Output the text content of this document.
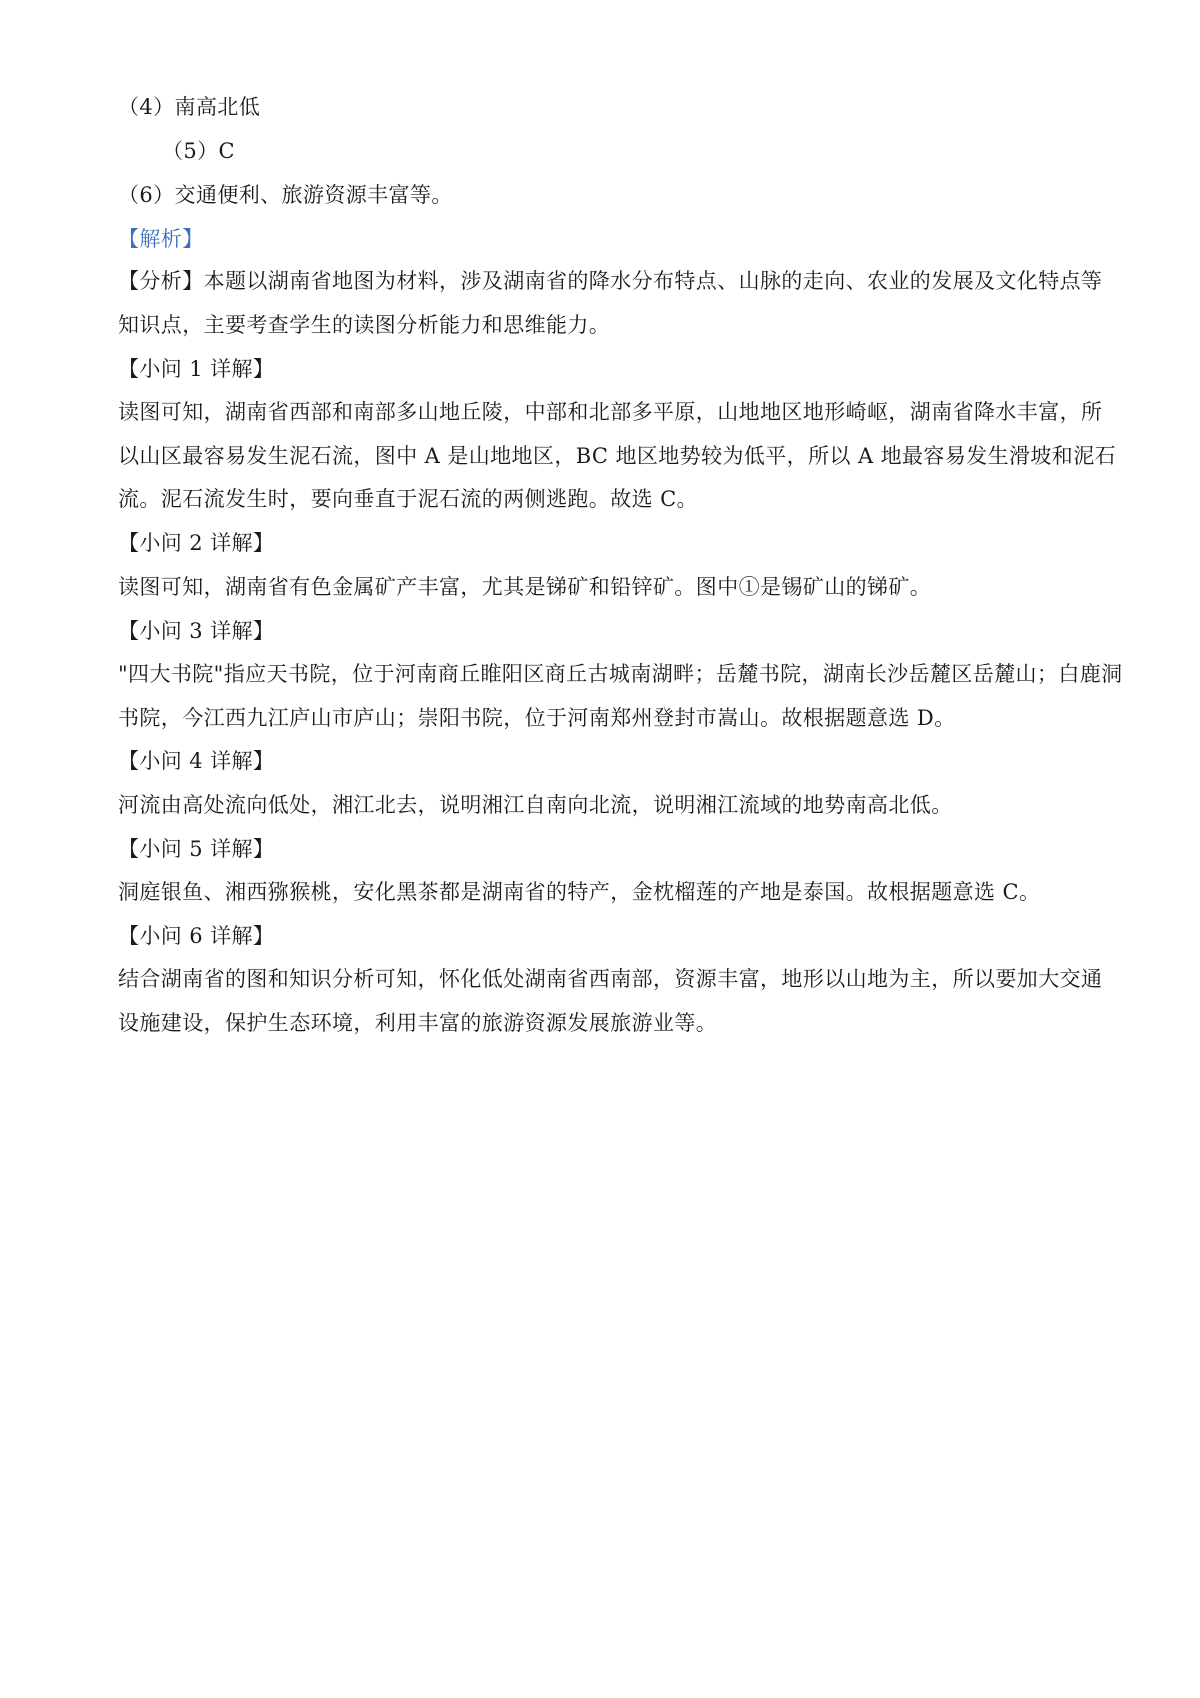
（4）南高北低
（5）C
（6）交通便利、旅游资源丰富等。
【解析】
【分析】本题以湖南省地图为材料，涉及湖南省的降水分布特点、山脉的走向、农业的发展及文化特点等
知识点，主要考查学生的读图分析能力和思维能力。
【小问 1 详解】
读图可知，湖南省西部和南部多山地丘陵，中部和北部多平原，山地地区地形崎岖，湖南省降水丰富，所
以山区最容易发生泥石流，图中 A 是山地地区，BC 地区地势较为低平，所以 A 地最容易发生滑坡和泥石
流。泥石流发生时，要向垂直于泥石流的两侧逃跑。故选 C。
【小问 2 详解】
读图可知，湖南省有色金属矿产丰富，尤其是锑矿和铅锌矿。图中①是锡矿山的锑矿。
【小问 3 详解】
"四大书院"指应天书院，位于河南商丘睢阳区商丘古城南湖畔；岳麓书院，湖南长沙岳麓区岳麓山；白鹿洞
书院，今江西九江庐山市庐山；崇阳书院，位于河南郑州登封市嵩山。故根据题意选 D。
【小问 4 详解】
河流由高处流向低处，湘江北去，说明湘江自南向北流，说明湘江流域的地势南高北低。
【小问 5 详解】
洞庭银鱼、湘西猕猴桃，安化黑茶都是湖南省的特产，金枕榴莲的产地是泰国。故根据题意选 C。
【小问 6 详解】
结合湖南省的图和知识分析可知，怀化低处湖南省西南部，资源丰富，地形以山地为主，所以要加大交通
设施建设，保护生态环境，利用丰富的旅游资源发展旅游业等。
